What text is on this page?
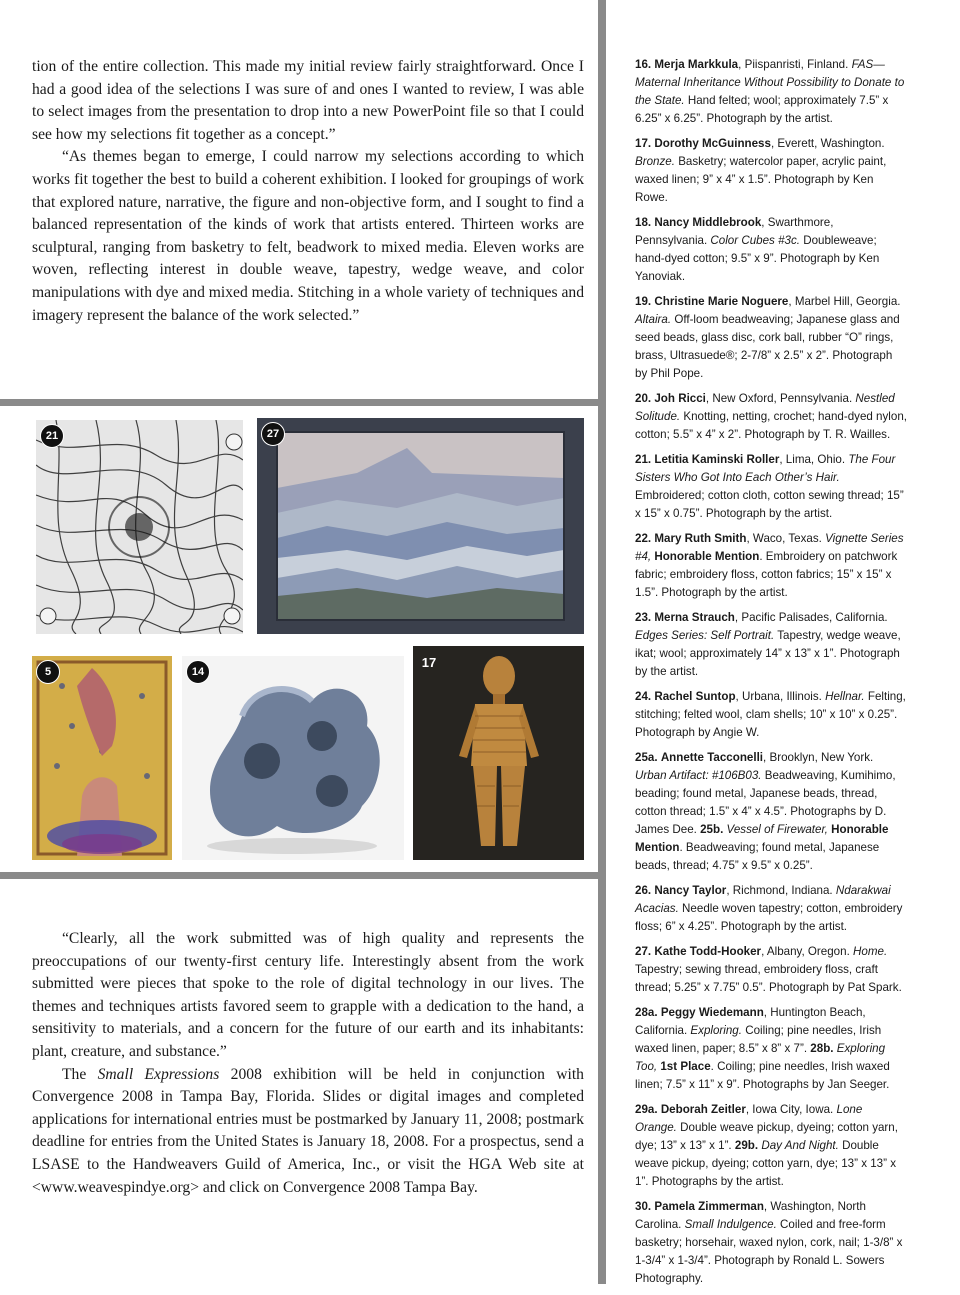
tion of the entire collection. This made my initial review fairly straightforward. Once I had a good idea of the selections I was sure of and ones I wanted to review, I was able to select images from the presentation to drop into a new PowerPoint file so that I could see how my selections fit together as a concept.”

“As themes began to emerge, I could narrow my selections according to which works fit together the best to build a coherent exhibition. I looked for groupings of work that explored nature, narrative, the figure and non-objective form, and I sought to find a balanced representation of the kinds of work that artists entered. Thirteen works are sculptural, ranging from basketry to felt, beadwork to mixed media. Eleven works are woven, reflecting interest in double weave, tapestry, wedge weave, and color manipulations with dye and mixed media. Stitching in a whole variety of techniques and imagery represent the balance of the work selected.”

21	27
5	14
17

“Clearly, all the work submitted was of high quality and represents the preoccupations of our twenty-first century life. Interestingly absent from the work submitted were pieces that spoke to the role of digital technology in our lives. The themes and techniques artists favored seem to grapple with a dedication to the hand, a sensitivity to materials, and a concern for the future of our earth and its inhabitants: plant, creature, and substance.”

The Small Expressions 2008 exhibition will be held in conjunction with Convergence 2008 in Tampa Bay, Florida. Slides or digital images and completed applications for international entries must be postmarked by January 11, 2008; postmark deadline for entries from the United States is January 18, 2008. For a prospectus, send a LSASE to the Handweavers Guild of America, Inc., or visit the HGA Web site at <www.weavespindye.org> and click on Convergence 2008 Tampa Bay.

16. Merja Markkula, Piispanristi, Finland. FAS—Maternal Inheritance Without Possibility to Donate to the State. Hand felted; wool; approximately 7.5” x 6.25” x 6.25”. Photograph by the artist.

17. Dorothy McGuinness, Everett, Washington. Bronze. Basketry; watercolor paper, acrylic paint, waxed linen; 9” x 4” x 1.5”. Photograph by Ken Rowe.

18. Nancy Middlebrook, Swarthmore, Pennsylvania. Color Cubes #3c. Doubleweave; hand-dyed cotton; 9.5” x 9”. Photograph by Ken Yanoviak.

19. Christine Marie Noguere, Marbel Hill, Georgia. Altaira. Off-loom beadweaving; Japanese glass and seed beads, glass disc, cork ball, rubber “O” rings, brass, Ultrasuede®; 2-7/8” x 2.5” x 2”. Photograph by Phil Pope.

20. Joh Ricci, New Oxford, Pennsylvania. Nestled Solitude. Knotting, netting, crochet; hand-dyed nylon, cotton; 5.5” x 4” x 2”. Photograph by T. R. Wailles.

21. Letitia Kaminski Roller, Lima, Ohio. The Four Sisters Who Got Into Each Other’s Hair. Embroidered; cotton cloth, cotton sewing thread; 15” x 15” x 0.75”. Photograph by the artist.

22. Mary Ruth Smith, Waco, Texas. Vignette Series #4, Honorable Mention. Embroidery on patchwork fabric; embroidery floss, cotton fabrics; 15” x 15” x 1.5”. Photograph by the artist.

23. Merna Strauch, Pacific Palisades, California. Edges Series: Self Portrait. Tapestry, wedge weave, ikat; wool; approximately 14” x 13” x 1”. Photograph by the artist.

24. Rachel Suntop, Urbana, Illinois. Hellnar. Felting, stitching; felted wool, clam shells; 10” x 10” x 0.25”. Photograph by Angie W.

25a. Annette Tacconelli, Brooklyn, New York. Urban Artifact: #106B03. Beadweaving, Kumihimo, beading; found metal, Japanese beads, thread, cotton thread; 1.5” x 4” x 4.5”. Photographs by D. James Dee. 25b. Vessel of Firewater, Honorable Mention. Beadweaving; found metal, Japanese beads, thread; 4.75” x 9.5” x 0.25”.

26. Nancy Taylor, Richmond, Indiana. Ndarakwai Acacias. Needle woven tapestry; cotton, embroidery floss; 6” x 4.25”. Photograph by the artist.

27. Kathe Todd-Hooker, Albany, Oregon. Home. Tapestry; sewing thread, embroidery floss, craft thread; 5.25” x 7.75” 0.5”. Photograph by Pat Spark.

28a. Peggy Wiedemann, Huntington Beach, California. Exploring. Coiling; pine needles, Irish waxed linen, paper; 8.5” x 8” x 7”. 28b. Exploring Too, 1st Place. Coiling; pine needles, Irish waxed linen; 7.5” x 11” x 9”. Photographs by Jan Seeger.

29a. Deborah Zeitler, Iowa City, Iowa. Lone Orange. Double weave pickup, dyeing; cotton yarn, dye; 13” x 13” x 1”. 29b. Day And Night. Double weave pickup, dyeing; cotton yarn, dye; 13” x 13” x 1”. Photographs by the artist.

30. Pamela Zimmerman, Washington, North Carolina. Small Indulgence. Coiled and free-form basketry; horsehair, waxed nylon, cork, nail; 1-3/8” x 1-3/4” x 1-3/4”. Photograph by Ronald L. Sowers Photography.
